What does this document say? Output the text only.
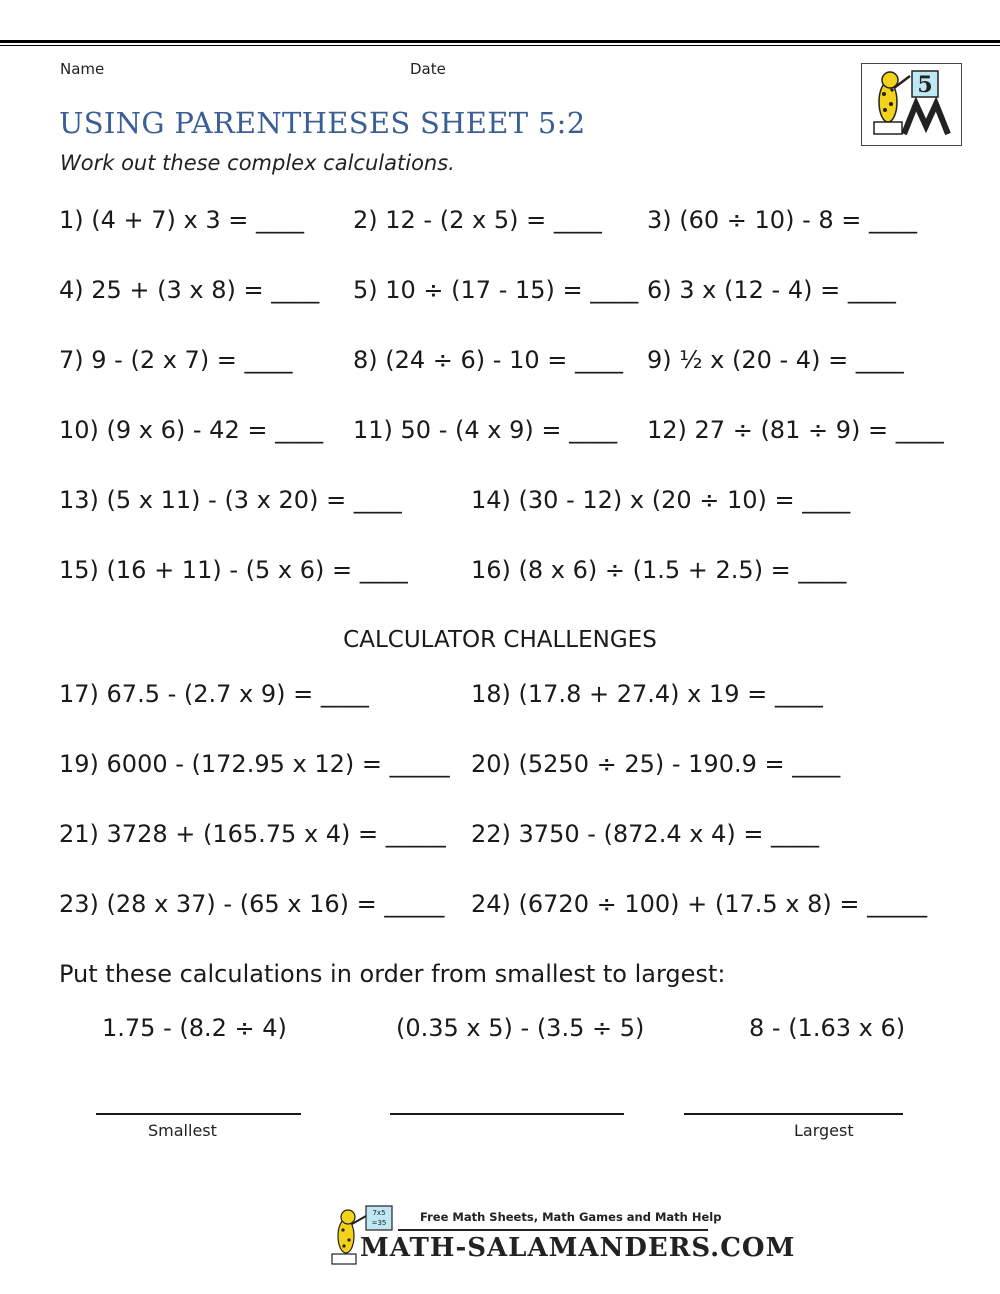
Name	Date
USING PARENTHESES SHEET 5:2
Work out these complex calculations.
5
1) (4 + 7) x 3 = ____ 2) 12 - (2 x 5) = ____ 3) (60 ÷ 10) - 8 = ____
4) 25 + (3 x 8) = ____ 5) 10 ÷ (17 - 15) = ____ 6) 3 x (12 - 4) = ____
7) 9 - (2 x 7) = ____	8) (24 ÷ 6) - 10 = ____ 9) ½ x (20 - 4) = ____
10) (9 x 6) - 42 = ____ 11) 50 - (4 x 9) = ____ 12) 27 ÷ (81 ÷ 9) = ____
13) (5 x 11) - (3 x 20) = ____	14) (30 - 12) x (20 ÷ 10) = ____
15) (16 + 11) - (5 x 6) = ____	16) (8 x 6) ÷ (1.5 + 2.5) = ____
CALCULATOR CHALLENGES
17) 67.5 - (2.7 x 9) = ____	18) (17.8 + 27.4) x 19 = ____
19) 6000 - (172.95 x 12) = _____ 20) (5250 ÷ 25) - 190.9 = ____
21) 3728 + (165.75 x 4) = _____ 22) 3750 - (872.4 x 4) = ____
23) (28 x 37) - (65 x 16) = _____ 24) (6720 ÷ 100) + (17.5 x 8) = _____
Put these calculations in order from smallest to largest:
1.75 - (8.2 ÷ 4)	(0.35 x 5) - (3.5 ÷ 5)	8 - (1.63 x 6)
Smallest	Largest
7x5
=35	Free Math Sheets, Math Games and Math Help
MATH-SALAMANDERS.COM
